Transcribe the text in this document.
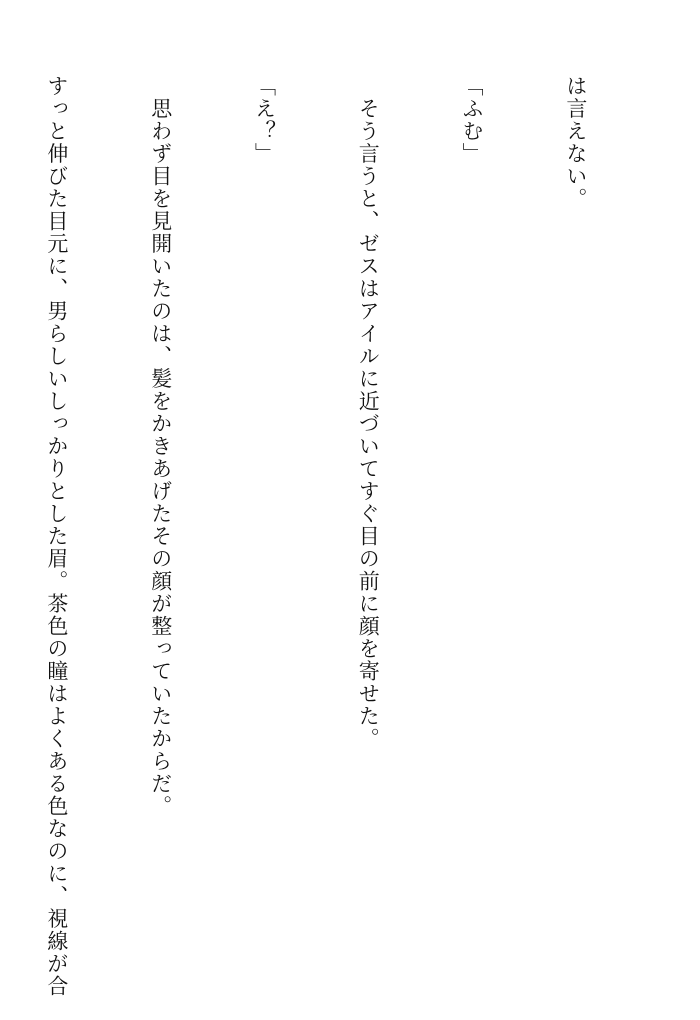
は言えない。

「ふむ」

　そう言うと、ゼスはアイルに近づいてすぐ目の前に顔を寄せた。

「え？」

　思わず目を見開いたのは、髪をかきあげたその顔が整っていたからだ。

すっと伸びた目元に、男らしいしっかりとした眉。茶色の瞳はよくある色なのに、視線が合
